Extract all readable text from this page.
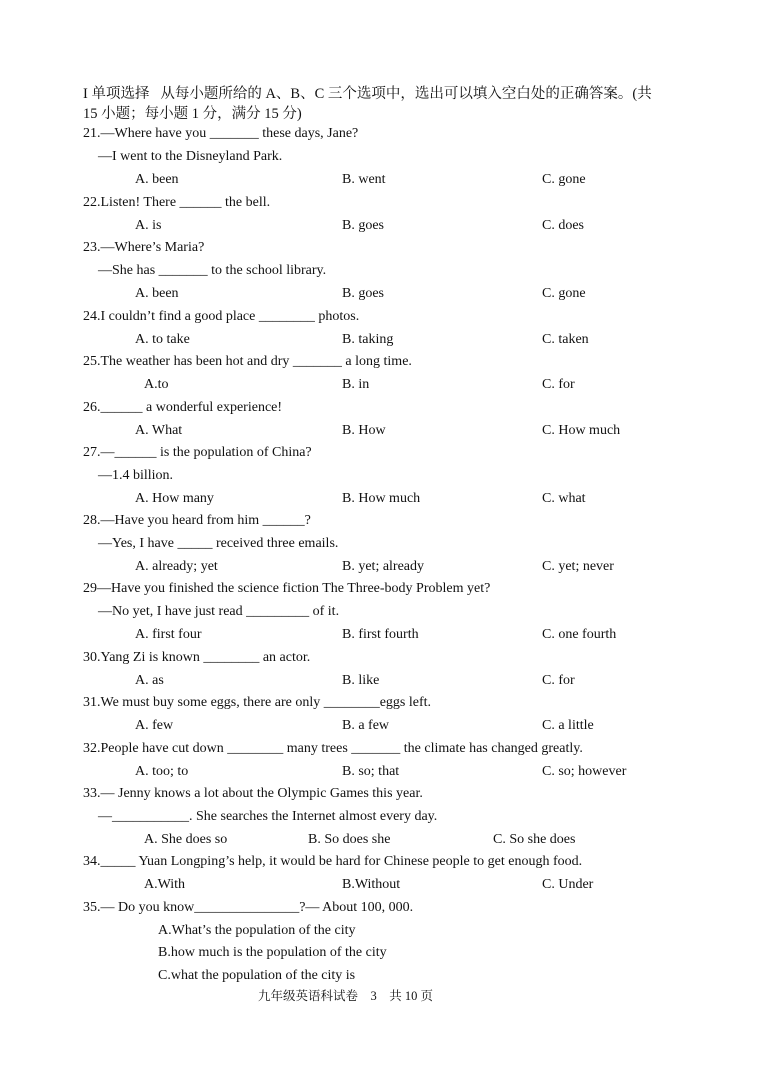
I 单项选择   从每小题所给的 A、B、C 三个选项中，选出可以填入空白处的正确答案。(共
15 小题；每小题 1 分，满分 15 分)
21.—Where have you _______ these days, Jane?
—I went to the Disneyland Park.
A. been	B. went	C. gone
22.Listen! There ______ the bell.
A. is	B. goes	C. does
23.—Where’s Maria?
—She has _______ to the school library.
A. been	B. goes	C. gone
24.I couldn’t find a good place ________ photos.
A. to take	B. taking	C. taken
25.The weather has been hot and dry _______ a long time.
A.to	B. in	C. for
26.______ a wonderful experience!
A. What	B. How	C. How much
27.—______ is the population of China?
—1.4 billion.
A. How many	B. How much	C. what
28.—Have you heard from him ______?
—Yes, I have _____ received three emails.
A. already; yet	B. yet; already	C. yet; never
29—Have you finished the science fiction The Three-body Problem yet?
—No yet, I have just read _________ of it.
A. first four	B. first fourth	C. one fourth
30.Yang Zi is known ________ an actor.
A. as	B. like	C. for
31.We must buy some eggs, there are only ________eggs left.
A. few	B. a few	C. a little
32.People have cut down ________ many trees _______ the climate has changed greatly.
A. too; to	B. so; that	C. so; however
33.— Jenny knows a lot about the Olympic Games this year.
—___________. She searches the Internet almost every day.
A. She does so	B. So does she	C. So she does
34._____ Yuan Longping’s help, it would be hard for Chinese people to get enough food.
A.With	B.Without	C. Under
35.— Do you know_______________?— About 100, 000.
A.What’s the population of the city
B.how much is the population of the city
C.what the population of the city is
九年级英语科试卷    3    共 10 页
